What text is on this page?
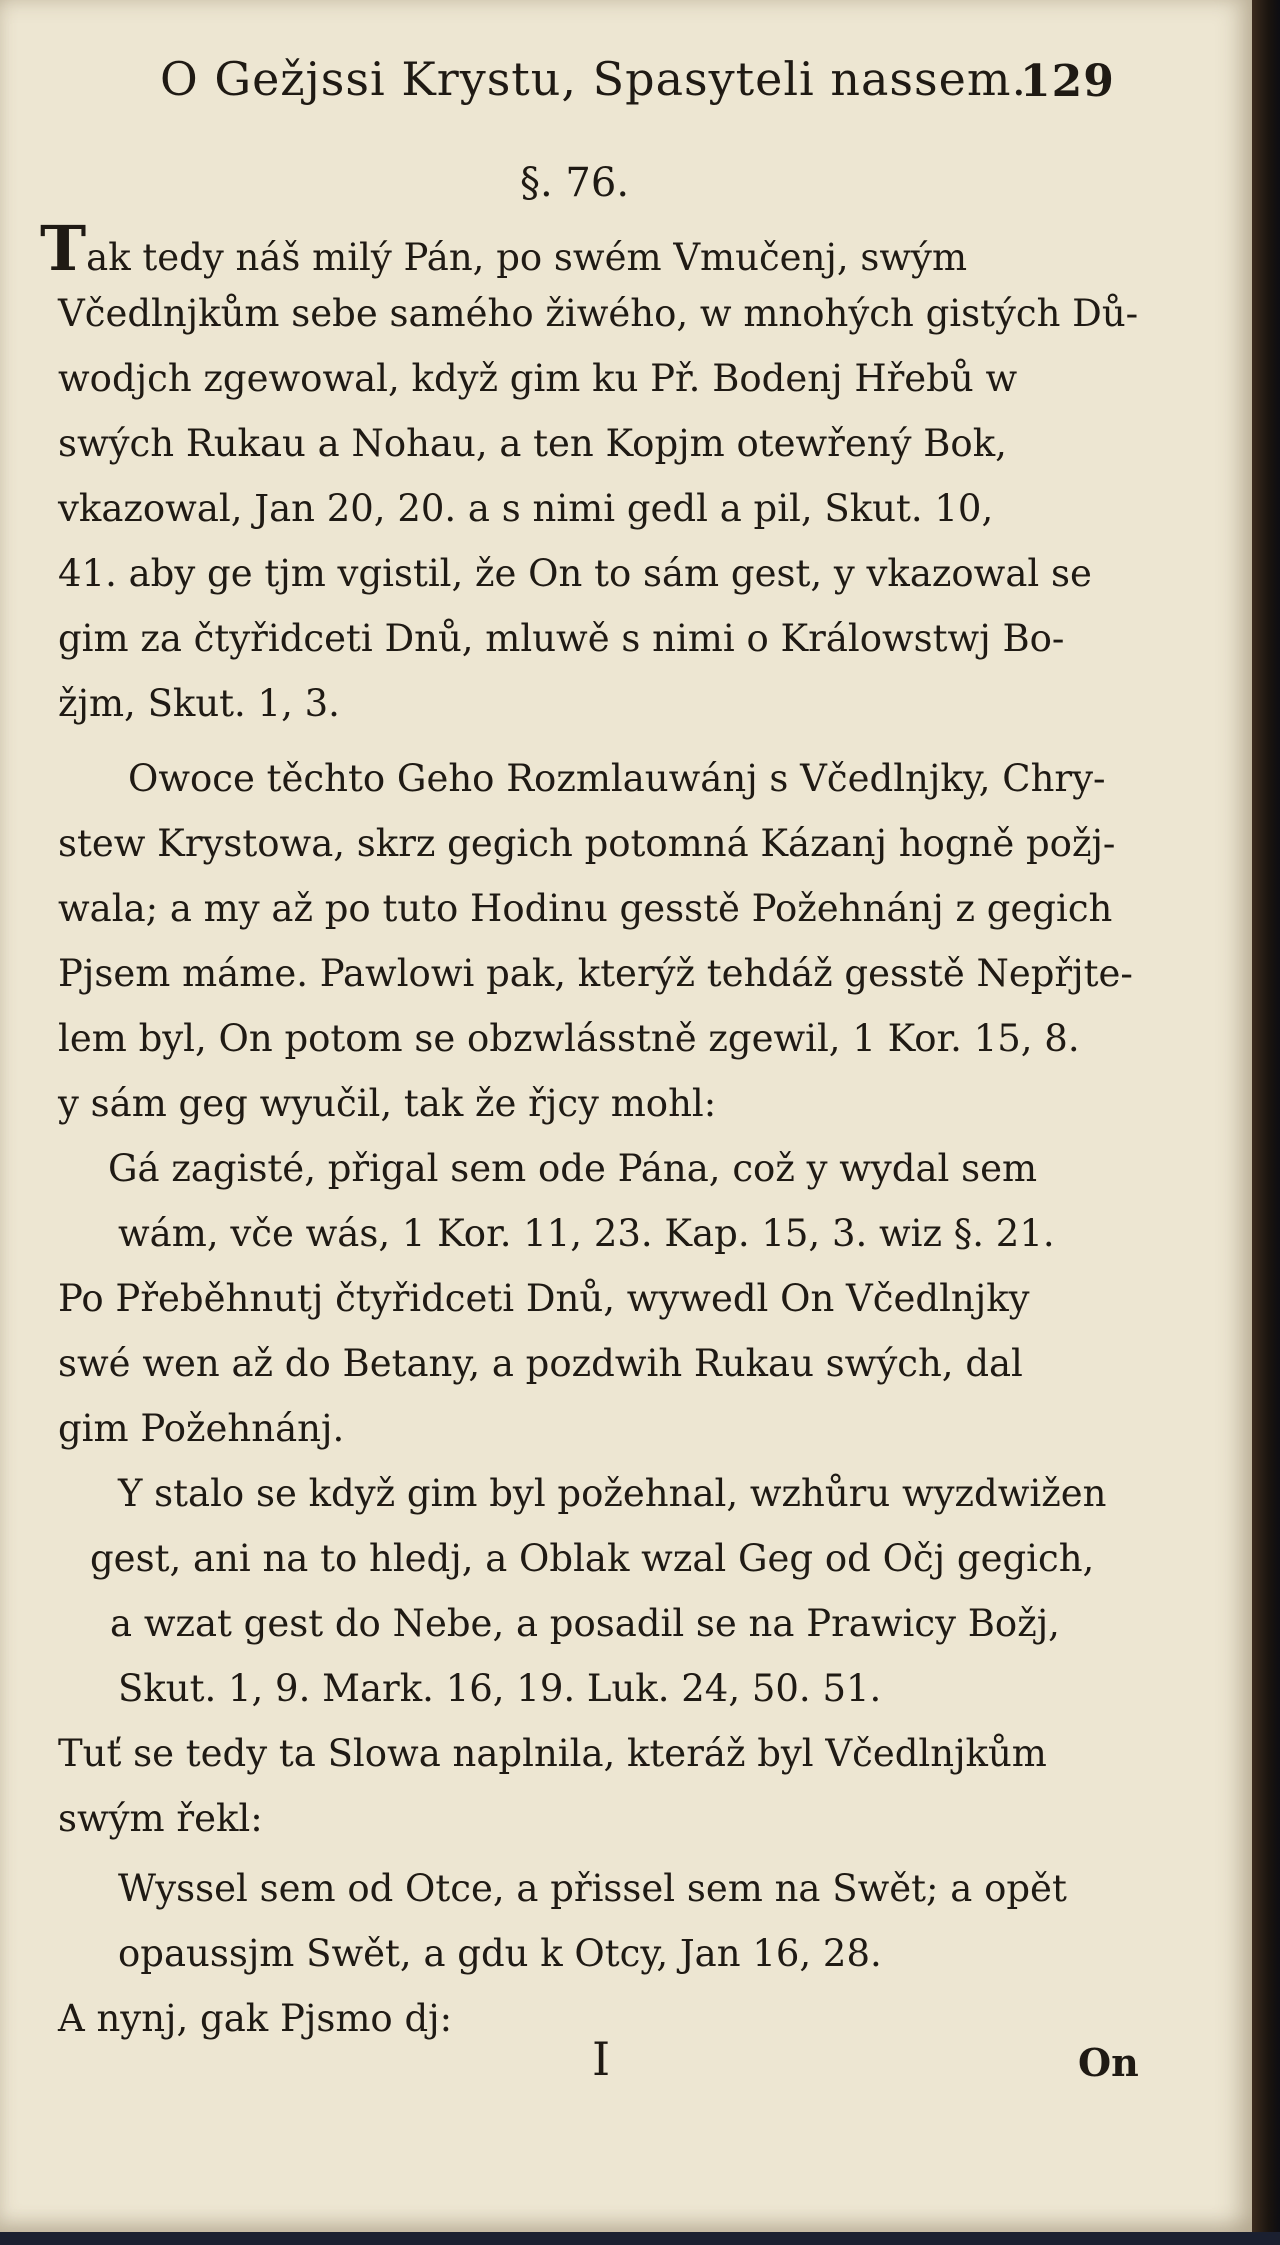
O Gežjssi Krystu, Spasyteli nassem.
129
§. 76.
Tak tedy náš milý Pán, po swém Vmučenj, swým
Včedlnjkům sebe samého žiwého, w mnohých gistých Dů-
wodjch zgewowal, když gim ku Př. Bodenj Hřebů w
swých Rukau a Nohau, a ten Kopjm otewřený Bok,
vkazowal, Jan 20, 20. a s nimi gedl a pil, Skut. 10,
41. aby ge tjm vgistil, že On to sám gest, y vkazowal se
gim za čtyřidceti Dnů, mluwě s nimi o Králowstwj Bo-
žjm, Skut. 1, 3.
Owoce těchto Geho Rozmlauwánj s Včedlnjky, Chry-
stew Krystowa, skrz gegich potomná Kázanj hogně požj-
wala; a my až po tuto Hodinu gesstě Požehnánj z gegich
Pjsem máme. Pawlowi pak, kterýž tehdáž gesstě Nepřjte-
lem byl, On potom se obzwlásstně zgewil, 1 Kor. 15, 8.
y sám geg wyučil, tak že řjcy mohl:
Gá zagisté, přigal sem ode Pána, což y wydal sem
wám, vče wás, 1 Kor. 11, 23. Kap. 15, 3. wiz §. 21.
Po Přeběhnutj čtyřidceti Dnů, wywedl On Včedlnjky
swé wen až do Betany, a pozdwih Rukau swých, dal
gim Požehnánj.
Y stalo se když gim byl požehnal, wzhůru wyzdwižen
gest, ani na to hledj, a Oblak wzal Geg od Očj gegich,
a wzat gest do Nebe, a posadil se na Prawicy Božj,
Skut. 1, 9. Mark. 16, 19. Luk. 24, 50. 51.
Tuť se tedy ta Slowa naplnila, kteráž byl Včedlnjkům
swým řekl:
Wyssel sem od Otce, a přissel sem na Swět; a opět
opaussjm Swět, a gdu k Otcy, Jan 16, 28.
A nynj, gak Pjsmo dj:
I	On
